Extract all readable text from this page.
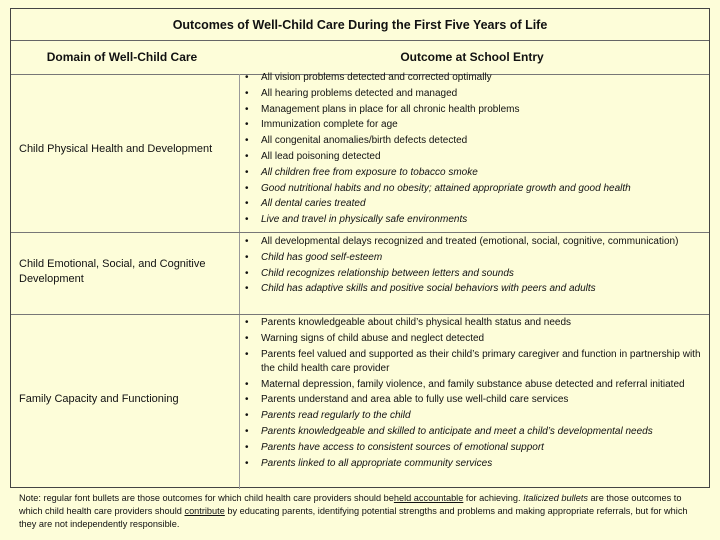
Outcomes of Well-Child Care During the First Five Years of Life
Domain of Well-Child Care	Outcome at School Entry
Child Physical Health and Development
•	All vision problems detected and corrected optimally
•	All hearing problems detected and managed
•	Management plans in place for all chronic health problems
•	Immunization complete for age
•	All congenital anomalies/birth defects detected
•	All lead poisoning detected
•	All children free from exposure to tobacco smoke
•	Good nutritional habits and no obesity; attained appropriate growth and good health
•	All dental caries treated
•	Live and travel in physically safe environments
Child Emotional, Social, and Cognitive Development
•	All developmental delays recognized and treated (emotional, social, cognitive, communication)
•	Child has good self-esteem
•	Child recognizes relationship between letters and sounds
•	Child has adaptive skills and positive social behaviors with peers and adults
Family Capacity and Functioning
•	Parents knowledgeable about child’s physical health status and needs
•	Warning signs of child abuse and neglect detected
•	Parents feel valued and supported as their child’s primary caregiver and function in partnership with the child health care provider
•	Maternal depression, family violence, and family substance abuse detected and referral initiated
•	Parents understand and area able to fully use well-child care services
•	Parents read regularly to the child
•	Parents knowledgeable and skilled to anticipate and meet a child’s developmental needs
•	Parents have access to consistent sources of emotional support
•	Parents linked to all appropriate community services
Note: regular font bullets are those outcomes for which child health care providers should beheld accountable for achieving. Italicized bullets are those outcomes to which child health care providers should contribute by educating parents, identifying potential strengths and problems and making appropriate referrals, but for which they are not independently responsible.
